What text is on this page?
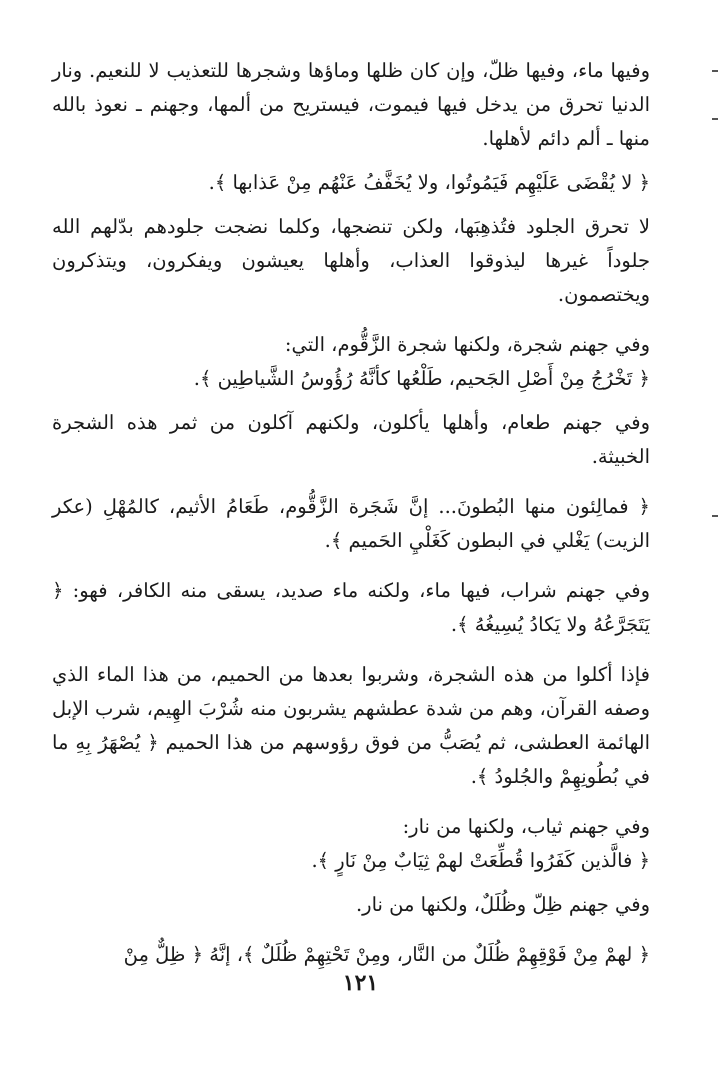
وفيها ماء، وفيها ظلّ، وإن كان ظلها وماؤها وشجرها للتعذيب لا للنعيم. ونار الدنيا تحرق من يدخل فيها فيموت، فيستريح من ألمها، وجهنم ـ نعوذ بالله منها ـ ألم دائم لأهلها.

﴿ لا يُقْضَى عَلَيْهِم فَيَمُوتُوا، ولا يُخَفَّفُ عَنْهُم مِنْ عَذابها ﴾.

لا تحرق الجلود فتُذهِبَها، ولكن تنضجها، وكلما نضجت جلودهم بدّلهم الله جلوداً غيرها ليذوقوا العذاب، وأهلها يعيشون ويفكرون، ويتذكرون ويختصمون.

وفي جهنم شجرة، ولكنها شجرة الزَّقُّوم، التي:

﴿ تَخْرُجُ مِنْ أَصْلِ الجَحيم، طَلْعُها كأنَّهُ رُؤُوسُ الشَّياطِين ﴾.

وفي جهنم طعام، وأهلها يأكلون، ولكنهم آكلون من ثمر هذه الشجرة الخبيثة.

﴿ فمالِئون منها البُطونَ... إنَّ شَجَرة الزَّقُّوم، طَعَامُ الأثيم، كالمُهْلِ (عكر الزيت) يَغْلي في البطون كَغَلْيِ الحَميم ﴾.

وفي جهنم شراب، فيها ماء، ولكنه ماء صديد، يسقى منه الكافر، فهو: ﴿ يَتَجَرَّعُهُ ولا يَكادُ يُسِيغُهُ ﴾.

فإذا أكلوا من هذه الشجرة، وشربوا بعدها من الحميم، من هذا الماء الذي وصفه القرآن، وهم من شدة عطشهم يشربون منه شُرْبَ الهِيم، شرب الإبل الهائمة العطشى، ثم يُصَبُّ من فوق رؤوسهم من هذا الحميم ﴿ يُصْهَرُ بِهِ ما في بُطُونِهِمْ والجُلودُ ﴾.

وفي جهنم ثياب، ولكنها من نار:

﴿ فالَّذين كَفَرُوا قُطِّعَتْ لهمْ ثِيَابٌ مِنْ نَارٍ ﴾.

وفي جهنم ظِلّ وظُلَلٌ، ولكنها من نار.

﴿ لهمْ مِنْ فَوْقِهِمْ ظُلَلٌ من النَّار، ومِنْ تَحْتِهِمْ ظُلَلٌ ﴾، إنَّهُ ﴿ ظِلٌّ مِنْ

١٢١
